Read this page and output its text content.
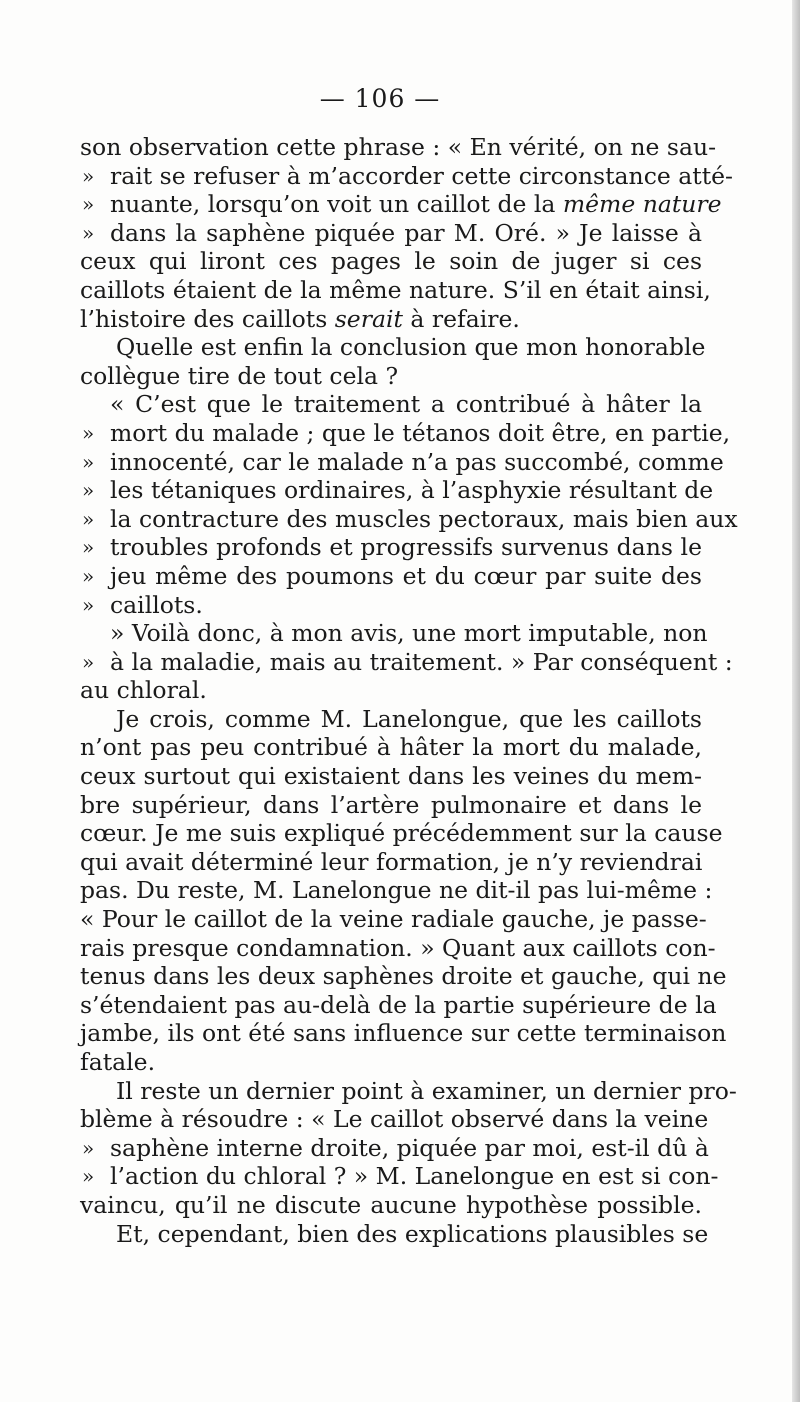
— 106 —
son observation cette phrase : « En vérité, on ne sau-
» rait se refuser à m’accorder cette circonstance atté-
» nuante, lorsqu’on voit un caillot de la même nature
» dans la saphène piquée par M. Oré. » Je laisse à
ceux qui liront ces pages le soin de juger si ces
caillots étaient de la même nature. S’il en était ainsi,
l’histoire des caillots serait à refaire.
Quelle est enfin la conclusion que mon honorable
collègue tire de tout cela ?
« C’est que le traitement a contribué à hâter la
» mort du malade ; que le tétanos doit être, en partie,
» innocenté, car le malade n’a pas succombé, comme
» les tétaniques ordinaires, à l’asphyxie résultant de
» la contracture des muscles pectoraux, mais bien aux
» troubles profonds et progressifs survenus dans le
» jeu même des poumons et du cœur par suite des
» caillots.
» Voilà donc, à mon avis, une mort imputable, non
» à la maladie, mais au traitement. » Par conséquent :
au chloral.
Je crois, comme M. Lanelongue, que les caillots
n’ont pas peu contribué à hâter la mort du malade,
ceux surtout qui existaient dans les veines du mem-
bre supérieur, dans l’artère pulmonaire et dans le
cœur. Je me suis expliqué précédemment sur la cause
qui avait déterminé leur formation, je n’y reviendrai
pas. Du reste, M. Lanelongue ne dit-il pas lui-même :
« Pour le caillot de la veine radiale gauche, je passe-
rais presque condamnation. » Quant aux caillots con-
tenus dans les deux saphènes droite et gauche, qui ne
s’étendaient pas au-delà de la partie supérieure de la
jambe, ils ont été sans influence sur cette terminaison
fatale.
Il reste un dernier point à examiner, un dernier pro-
blème à résoudre : « Le caillot observé dans la veine
» saphène interne droite, piquée par moi, est-il dû à
» l’action du chloral ? » M. Lanelongue en est si con-
vaincu, qu’il ne discute aucune hypothèse possible.
Et, cependant, bien des explications plausibles se
